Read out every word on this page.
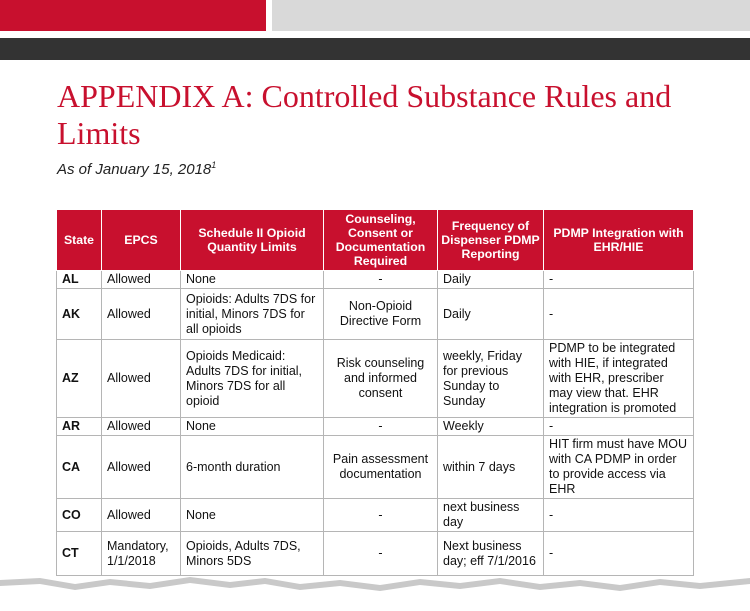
APPENDIX A: Controlled Substance Rules and Limits
As of January 15, 2018$^1$
State	EPCS	Schedule II Opioid Quantity Limits	Counseling, Consent or Documentation Required	Frequency of Dispenser PDMP Reporting	PDMP Integration with EHR/HIE
AL	Allowed	None	-	Daily	-
AK	Allowed	Opioids: Adults 7DS for initial, Minors 7DS for all opioids	Non-Opioid Directive Form	Daily	-
AZ	Allowed	Opioids Medicaid: Adults 7DS for initial, Minors 7DS for all opioid	Risk counseling and informed consent	weekly, Friday for previous Sunday to Sunday	PDMP to be integrated with HIE, if integrated with EHR, prescriber may view that. EHR integration is promoted
AR	Allowed	None	-	Weekly	-
CA	Allowed	6-month duration	Pain assessment documentation	within 7 days	HIT firm must have MOU with CA PDMP in order to provide access via EHR
CO	Allowed	None	-	next business day	-
CT	Mandatory, 1/1/2018	Opioids, Adults 7DS, Minors 5DS	-	Next business day; eff 7/1/2016	-
